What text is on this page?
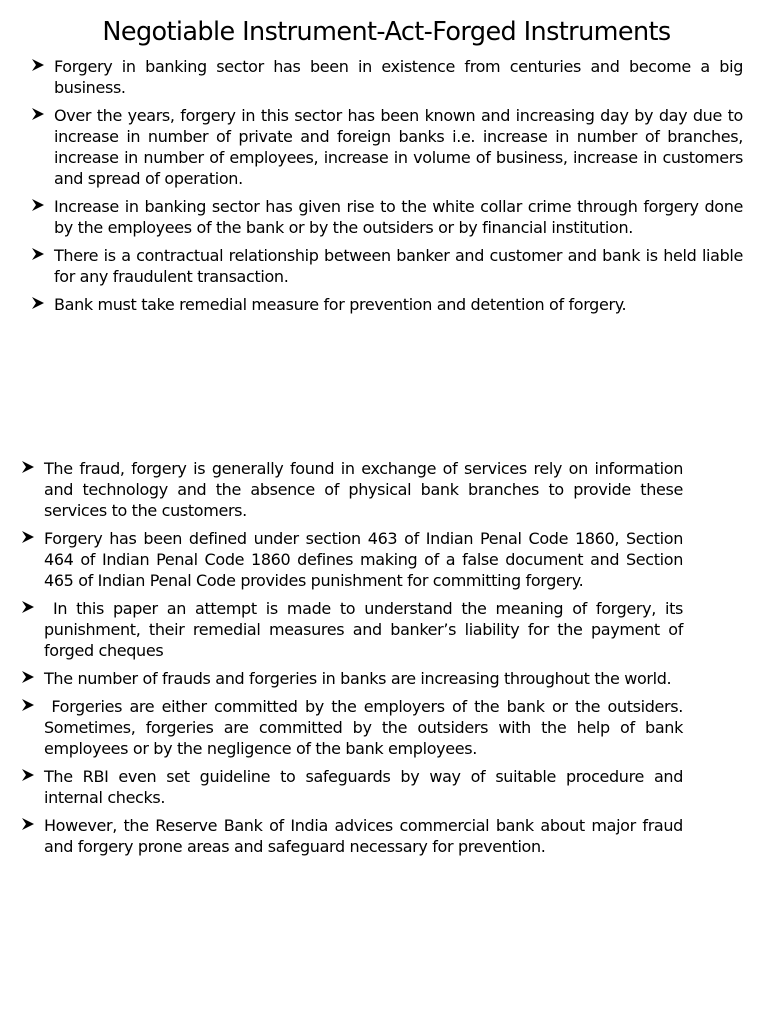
Negotiable Instrument-Act-Forged Instruments
Forgery in banking sector has been in existence from centuries and become a big business.
Over the years, forgery in this sector has been known and increasing day by day due to increase in number of private and foreign banks i.e. increase in number of branches, increase in number of employees, increase in volume of business, increase in customers and spread of operation.
Increase in banking sector has given rise to the white collar crime through forgery done by the employees of the bank or by the outsiders or by financial institution.
There is a contractual relationship between banker and customer and bank is held liable for any fraudulent transaction.
Bank must take remedial measure for prevention and detention of forgery.
The fraud, forgery is generally found in exchange of services rely on information and technology and the absence of physical bank branches to provide these services to the customers.
Forgery has been defined under section 463 of Indian Penal Code 1860, Section 464 of Indian Penal Code 1860 defines making of a false document and Section 465 of Indian Penal Code provides punishment for committing forgery.
In this paper an attempt is made to understand the meaning of forgery, its punishment, their remedial measures and banker’s liability for the payment of forged cheques
The number of frauds and forgeries in banks are increasing throughout the world.
Forgeries are either committed by the employers of the bank or the outsiders. Sometimes, forgeries are committed by the outsiders with the help of bank employees or by the negligence of the bank employees.
The RBI even set guideline to safeguards by way of suitable procedure and internal checks.
However, the Reserve Bank of India advices commercial bank about major fraud and forgery prone areas and safeguard necessary for prevention.
